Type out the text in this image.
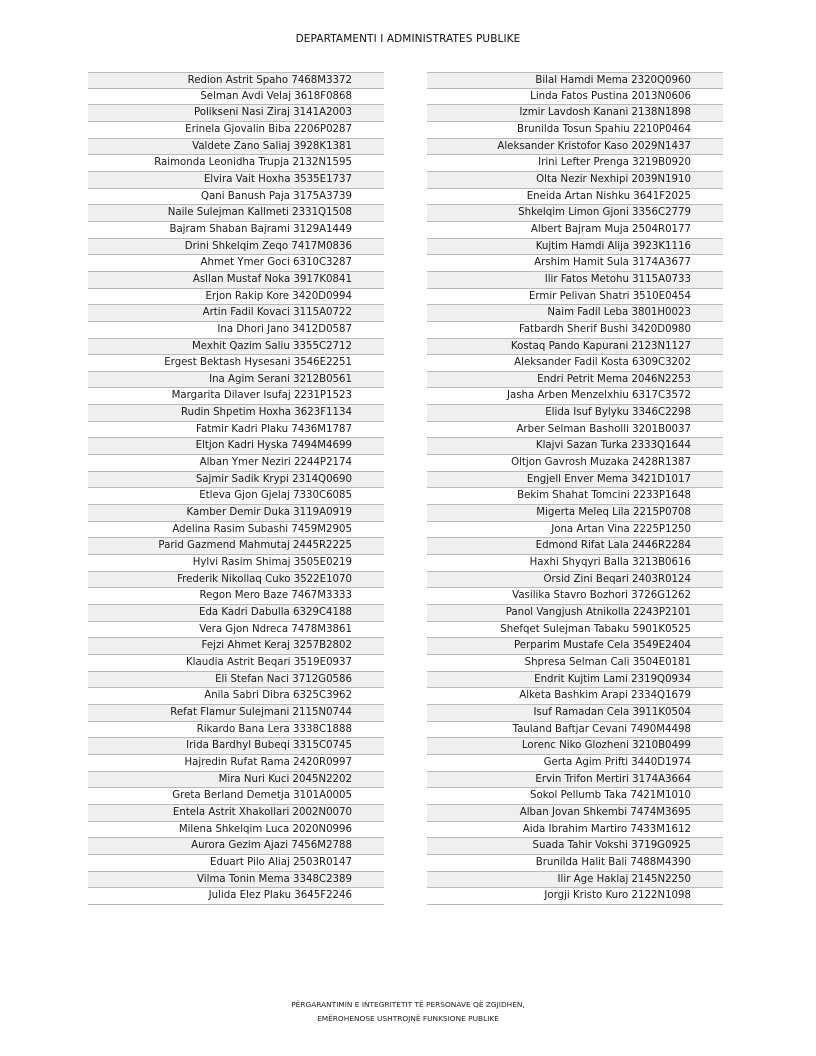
DEPARTAMENTI I ADMINISTRATES PUBLIKE
Redion Astrit Spaho 7468M3372
Selman Avdi Velaj 3618F0868
Polikseni Nasi Ziraj 3141A2003
Erinela Gjovalin Biba 2206P0287
Valdete Zano Saliaj 3928K1381
Raimonda Leonidha Trupja 2132N1595
Elvira Vait Hoxha 3535E1737
Qani Banush Paja 3175A3739
Naile Sulejman Kallmeti 2331Q1508
Bajram Shaban Bajrami 3129A1449
Drini Shkelqim Zeqo 7417M0836
Ahmet Ymer Goci 6310C3287
Asllan Mustaf Noka 3917K0841
Erjon Rakip Kore 3420D0994
Artin Fadil Kovaci 3115A0722
Ina Dhori Jano 3412D0587
Mexhit Qazim Saliu 3355C2712
Ergest Bektash Hysesani 3546E2251
Ina Agim Serani 3212B0561
Margarita Dilaver Isufaj 2231P1523
Rudin Shpetim Hoxha 3623F1134
Fatmir Kadri Plaku 7436M1787
Eltjon Kadri Hyska 7494M4699
Alban Ymer Neziri 2244P2174
Sajmir Sadik Krypi 2314Q0690
Etleva Gjon Gjelaj 7330C6085
Kamber Demir Duka 3119A0919
Adelina Rasim Subashi 7459M2905
Parid Gazmend Mahmutaj 2445R2225
Hylvi Rasim Shimaj 3505E0219
Frederik Nikollaq Cuko 3522E1070
Regon Mero Baze 7467M3333
Eda Kadri Dabulla 6329C4188
Vera Gjon Ndreca 7478M3861
Fejzi Ahmet Keraj 3257B2802
Klaudia Astrit Beqari 3519E0937
Eli Stefan Naci 3712G0586
Anila Sabri Dibra 6325C3962
Refat Flamur Sulejmani 2115N0744
Rikardo Bana Lera 3338C1888
Irida Bardhyl Bubeqi 3315C0745
Hajredin Rufat Rama 2420R0997
Mira Nuri Kuci 2045N2202
Greta Berland Demetja 3101A0005
Entela Astrit Xhakollari 2002N0070
Milena Shkelqim Luca 2020N0996
Aurora Gezim Ajazi 7456M2788
Eduart Pilo Aliaj 2503R0147
Vilma Tonin Mema 3348C2389
Julida Elez Plaku 3645F2246
Bilal Hamdi Mema 2320Q0960
Linda Fatos Pustina 2013N0606
Izmir Lavdosh Kanani 2138N1898
Brunilda Tosun Spahiu 2210P0464
Aleksander Kristofor Kaso 2029N1437
Irini Lefter Prenga 3219B0920
Olta Nezir Nexhipi 2039N1910
Eneida Artan Nishku 3641F2025
Shkelqim Limon Gjoni 3356C2779
Albert Bajram Muja 2504R0177
Kujtim Hamdi Alija 3923K1116
Arshim Hamit Sula 3174A3677
Ilir Fatos Metohu 3115A0733
Ermir Pelivan Shatri 3510E0454
Naim Fadil Leba 3801H0023
Fatbardh Sherif Bushi 3420D0980
Kostaq Pando Kapurani 2123N1127
Aleksander Fadil Kosta 6309C3202
Endri Petrit Mema 2046N2253
Jasha Arben Menzelxhiu 6317C3572
Elida Isuf Bylyku 3346C2298
Arber Selman Basholli 3201B0037
Klajvi Sazan Turka 2333Q1644
Oltjon Gavrosh Muzaka 2428R1387
Engjell Enver Mema 3421D1017
Bekim Shahat Tomcini 2233P1648
Migerta Meleq Lila 2215P0708
Jona Artan Vina 2225P1250
Edmond Rifat Lala 2446R2284
Haxhi Shyqyri Balla 3213B0616
Orsid Zini Beqari 2403R0124
Vasilika Stavro Bozhori 3726G1262
Panol Vangjush Atnikolla 2243P2101
Shefqet Sulejman Tabaku 5901K0525
Perparim Mustafe Cela 3549E2404
Shpresa Selman Cali 3504E0181
Endrit Kujtim Lami 2319Q0934
Alketa Bashkim Arapi 2334Q1679
Isuf Ramadan Cela 3911K0504
Tauland Baftjar Cevani 7490M4498
Lorenc Niko Glozheni 3210B0499
Gerta Agim Prifti 3440D1974
Ervin Trifon Mertiri 3174A3664
Sokol Pellumb Taka 7421M1010
Alban Jovan Shkembi 7474M3695
Aida Ibrahim Martiro 7433M1612
Suada Tahir Vokshi 3719G0925
Brunilda Halit Bali 7488M4390
Ilir Age Haklaj 2145N2250
Jorgji Kristo Kuro 2122N1098
PËRGARANTIMIN E INTEGRITETIT TË PERSONAVE QË ZGJIDHEN,
EMËROHENOSE USHTROJNË FUNKSIONE PUBLIKE
